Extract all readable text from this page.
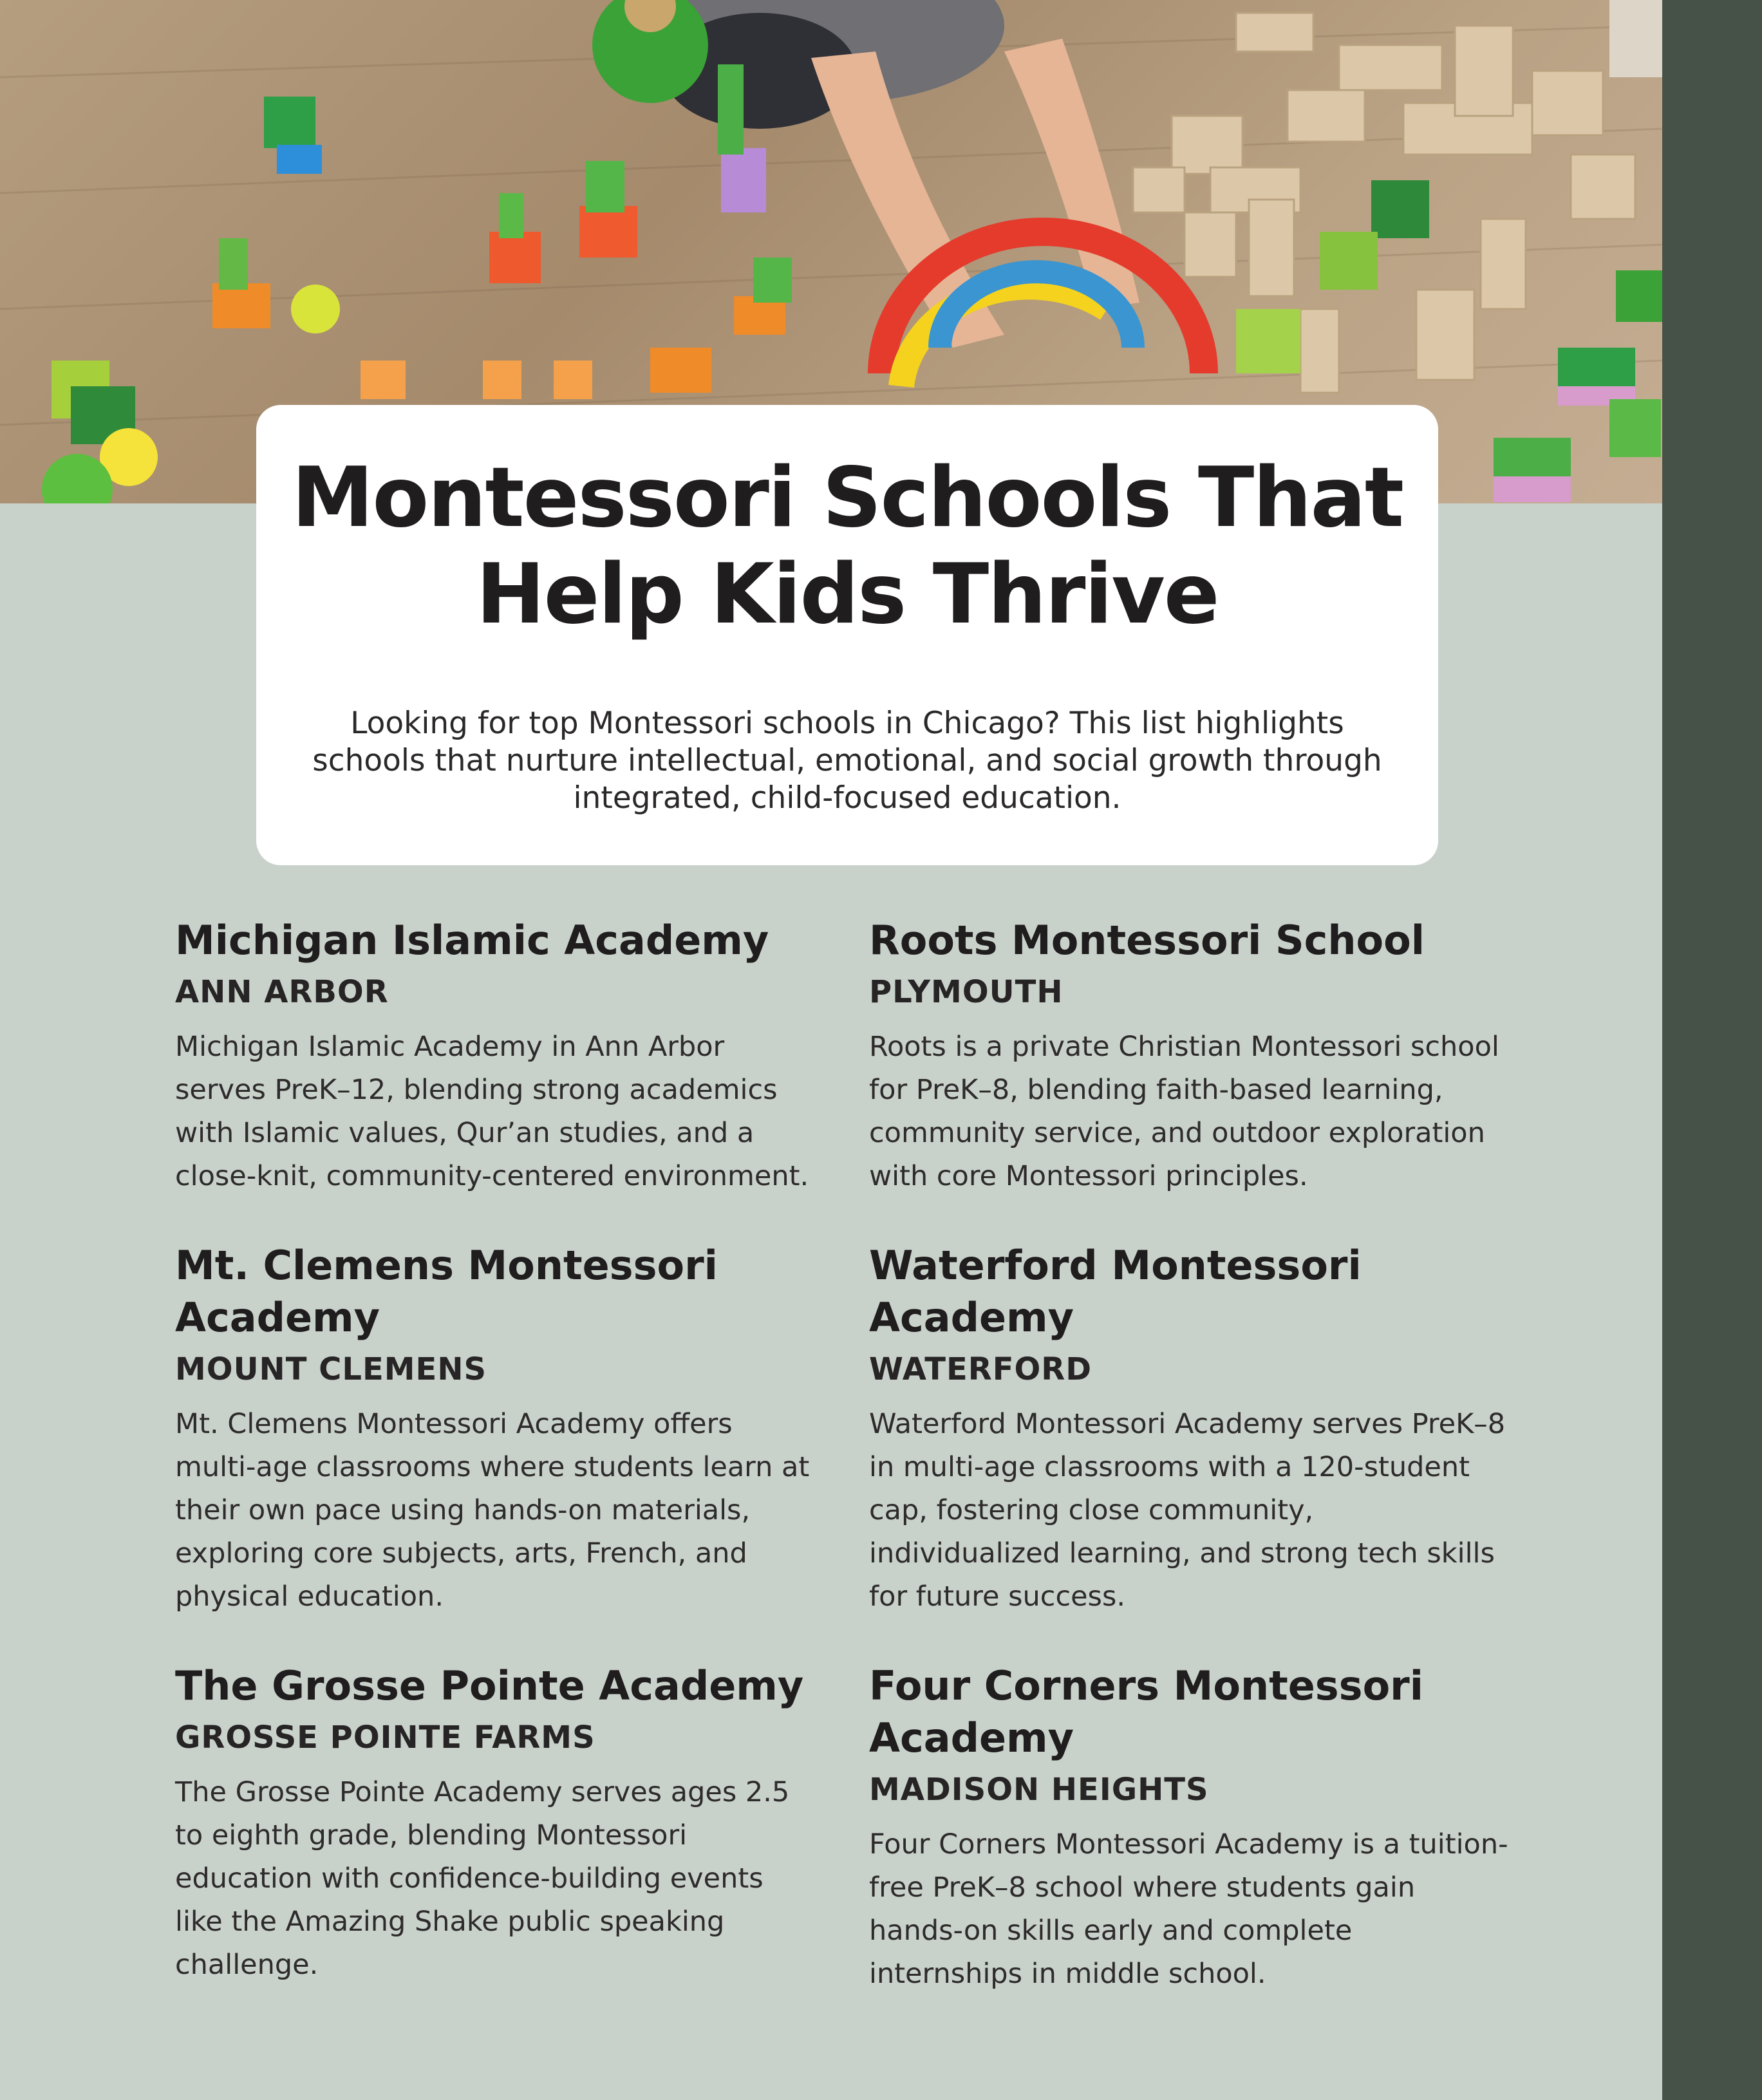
Montessori Schools That
Help Kids Thrive

Looking for top Montessori schools in Chicago? This list highlights schools that nurture intellectual, emotional, and social growth through integrated, child-focused education.

Michigan Islamic Academy
ANN ARBOR

Michigan Islamic Academy in Ann Arbor serves PreK–12, blending strong academics with Islamic values, Qur’an studies, and a close-knit, community-centered environment.

Mt. Clemens Montessori Academy
MOUNT CLEMENS

Mt. Clemens Montessori Academy offers multi-age classrooms where students learn at their own pace using hands-on materials, exploring core subjects, arts, French, and physical education.

The Grosse Pointe Academy
GROSSE POINTE FARMS

The Grosse Pointe Academy serves ages 2.5 to eighth grade, blending Montessori education with confidence-building events like the Amazing Shake public speaking challenge.

Roots Montessori School
PLYMOUTH

Roots is a private Christian Montessori school for PreK–8, blending faith-based learning, community service, and outdoor exploration with core Montessori principles.

Waterford Montessori Academy
WATERFORD

Waterford Montessori Academy serves PreK–8 in multi-age classrooms with a 120-student cap, fostering close community, individualized learning, and strong tech skills for future success.

Four Corners Montessori Academy
MADISON HEIGHTS

Four Corners Montessori Academy is a tuition-free PreK–8 school where students gain hands-on skills early and complete internships in middle school.
